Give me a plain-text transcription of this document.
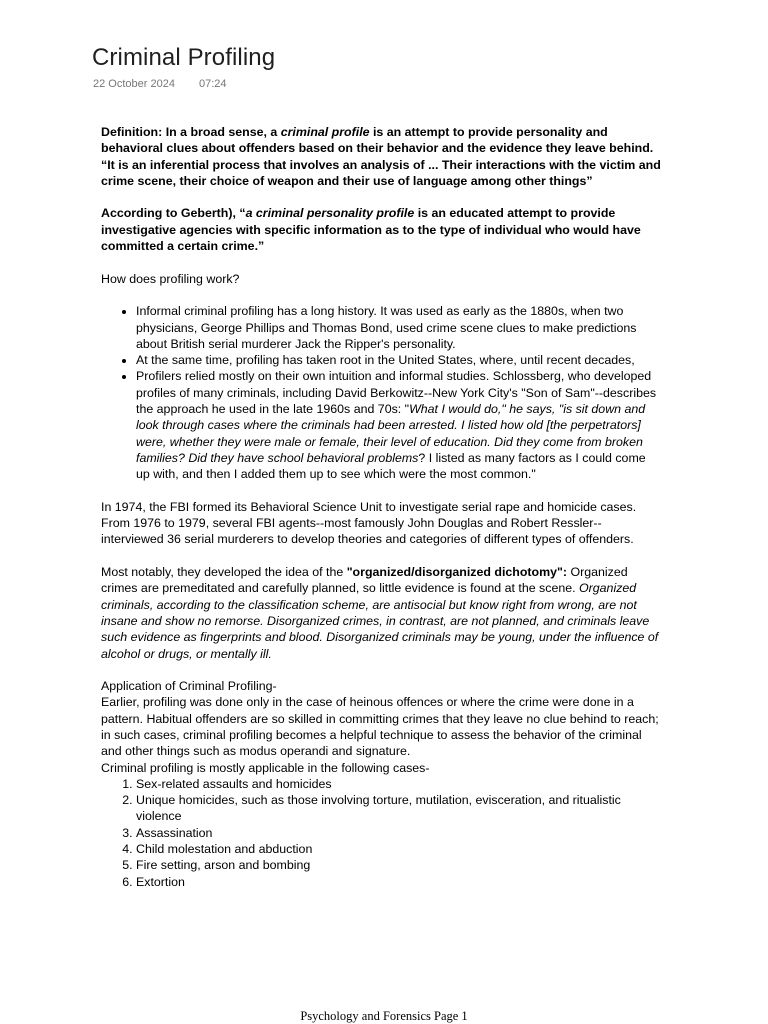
Criminal Profiling
22 October 2024 07:24

Definition: In a broad sense, a criminal profile is an attempt to provide personality and behavioral clues about offenders based on their behavior and the evidence they leave behind. “It is an inferential process that involves an analysis of ... Their interactions with the victim and crime scene, their choice of weapon and their use of language among other things”

According to Geberth), “a criminal personality profile is an educated attempt to provide investigative agencies with specific information as to the type of individual who would have committed a certain crime.”

How does profiling work?

• Informal criminal profiling has a long history. It was used as early as the 1880s, when two physicians, George Phillips and Thomas Bond, used crime scene clues to make predictions about British serial murderer Jack the Ripper's personality.
• At the same time, profiling has taken root in the United States, where, until recent decades,
• Profilers relied mostly on their own intuition and informal studies. Schlossberg, who developed profiles of many criminals, including David Berkowitz--New York City's "Son of Sam"--describes the approach he used in the late 1960s and 70s: "What I would do," he says, "is sit down and look through cases where the criminals had been arrested. I listed how old [the perpetrators] were, whether they were male or female, their level of education. Did they come from broken families? Did they have school behavioral problems? I listed as many factors as I could come up with, and then I added them up to see which were the most common."

In 1974, the FBI formed its Behavioral Science Unit to investigate serial rape and homicide cases. From 1976 to 1979, several FBI agents--most famously John Douglas and Robert Ressler--interviewed 36 serial murderers to develop theories and categories of different types of offenders.

Most notably, they developed the idea of the "organized/disorganized dichotomy": Organized crimes are premeditated and carefully planned, so little evidence is found at the scene. Organized criminals, according to the classification scheme, are antisocial but know right from wrong, are not insane and show no remorse. Disorganized crimes, in contrast, are not planned, and criminals leave such evidence as fingerprints and blood. Disorganized criminals may be young, under the influence of alcohol or drugs, or mentally ill.

Application of Criminal Profiling-

Earlier, profiling was done only in the case of heinous offences or where the crime were done in a pattern. Habitual offenders are so skilled in committing crimes that they leave no clue behind to reach; in such cases, criminal profiling becomes a helpful technique to assess the behavior of the criminal and other things such as modus operandi and signature.

Criminal profiling is mostly applicable in the following cases-

1. Sex-related assaults and homicides
2. Unique homicides, such as those involving torture, mutilation, evisceration, and ritualistic violence
3. Assassination
4. Child molestation and abduction
5. Fire setting, arson and bombing
6. Extortion
Psychology and Forensics Page 1
